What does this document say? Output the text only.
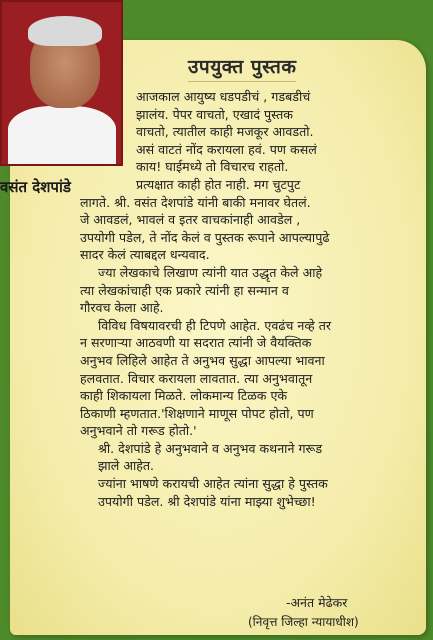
वसंत देशपांडे
उपयुक्त पुस्तक
आजकाल आयुष्य धडपडीचं , गडबडीचं
झालंय. पेपर वाचतो, एखादं पुस्तक
वाचतो, त्यातील काही मजकूर आवडतो.
असं वाटतं नोंद करायला हवं. पण कसलं
काय! घाईमध्ये तो विचारच राहतो.
प्रत्यक्षात काही होत नाही. मग चुटपुट
लागते. श्री. वसंत देशपांडे यांनी बाकी मनावर घेतलं.
जे आवडलं, भावलं व इतर वाचकांनाही आवडेल ,
उपयोगी पडेल, ते नोंद केलं व पुस्तक रूपाने आपल्यापुढे
सादर केलं त्याबद्दल धन्यवाद.
ज्या लेखकाचे लिखाण त्यांनी यात उद्धृत केले आहे
त्या लेखकांचाही एक प्रकारे त्यांनी हा सन्मान व
गौरवच केला आहे.
विविध विषयावरची ही टिपणे आहेत. एवढंच नव्हे तर
न सरणाऱ्या आठवणी या सदरात त्यांनी जे वैयक्तिक
अनुभव लिहिले आहेत ते अनुभव सुद्धा आपल्या भावना
हलवतात. विचार करायला लावतात. त्या अनुभवातून
काही शिकायला मिळते. लोकमान्य टिळक एके
ठिकाणी म्हणतात.'शिक्षणाने माणूस पोपट होतो, पण
अनुभवाने तो गरूड होतो.'
श्री. देशपांडे हे अनुभवाने व अनुभव कथनाने गरूड
झाले आहेत.
ज्यांना भाषणे करायची आहेत त्यांना सुद्धा हे पुस्तक
उपयोगी पडेल. श्री देशपांडे यांना माझ्या शुभेच्छा!
-अनंत मेढेकर
(निवृत्त जिल्हा न्यायाधीश)
